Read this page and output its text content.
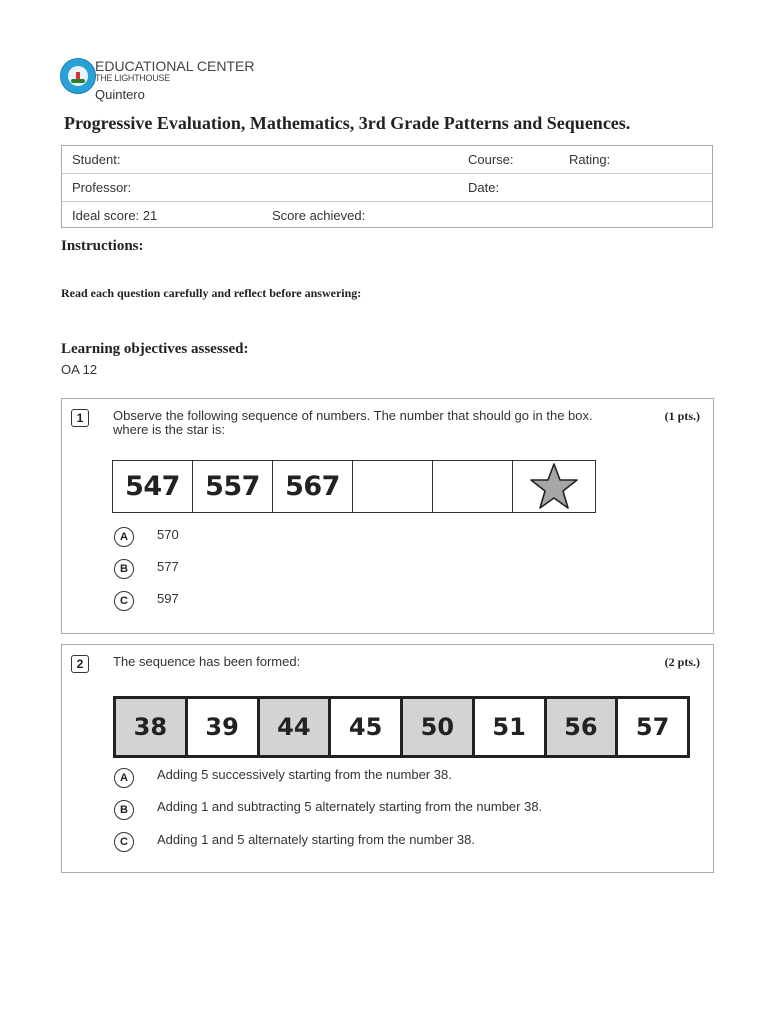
EDUCATIONAL CENTER
THE LIGHTHOUSE
Quintero
Progressive Evaluation, Mathematics, 3rd Grade Patterns and Sequences.
Student:	Course:	Rating:
Professor:	Date:
Ideal score: 21	Score achieved:
Instructions:
Read each question carefully and reflect before answering:
Learning objectives assessed:
OA 12
1	Observe the following sequence of numbers. The number that should go in the box.
where is the star is:
(1 pts.)
547 557 567
A	570
B	577
C	597
2	The sequence has been formed:	(2 pts.)
38	39	44	45	50	51	56	57
A	Adding 5 successively starting from the number 38.
B	Adding 1 and subtracting 5 alternately starting from the number 38.
C	Adding 1 and 5 alternately starting from the number 38.
